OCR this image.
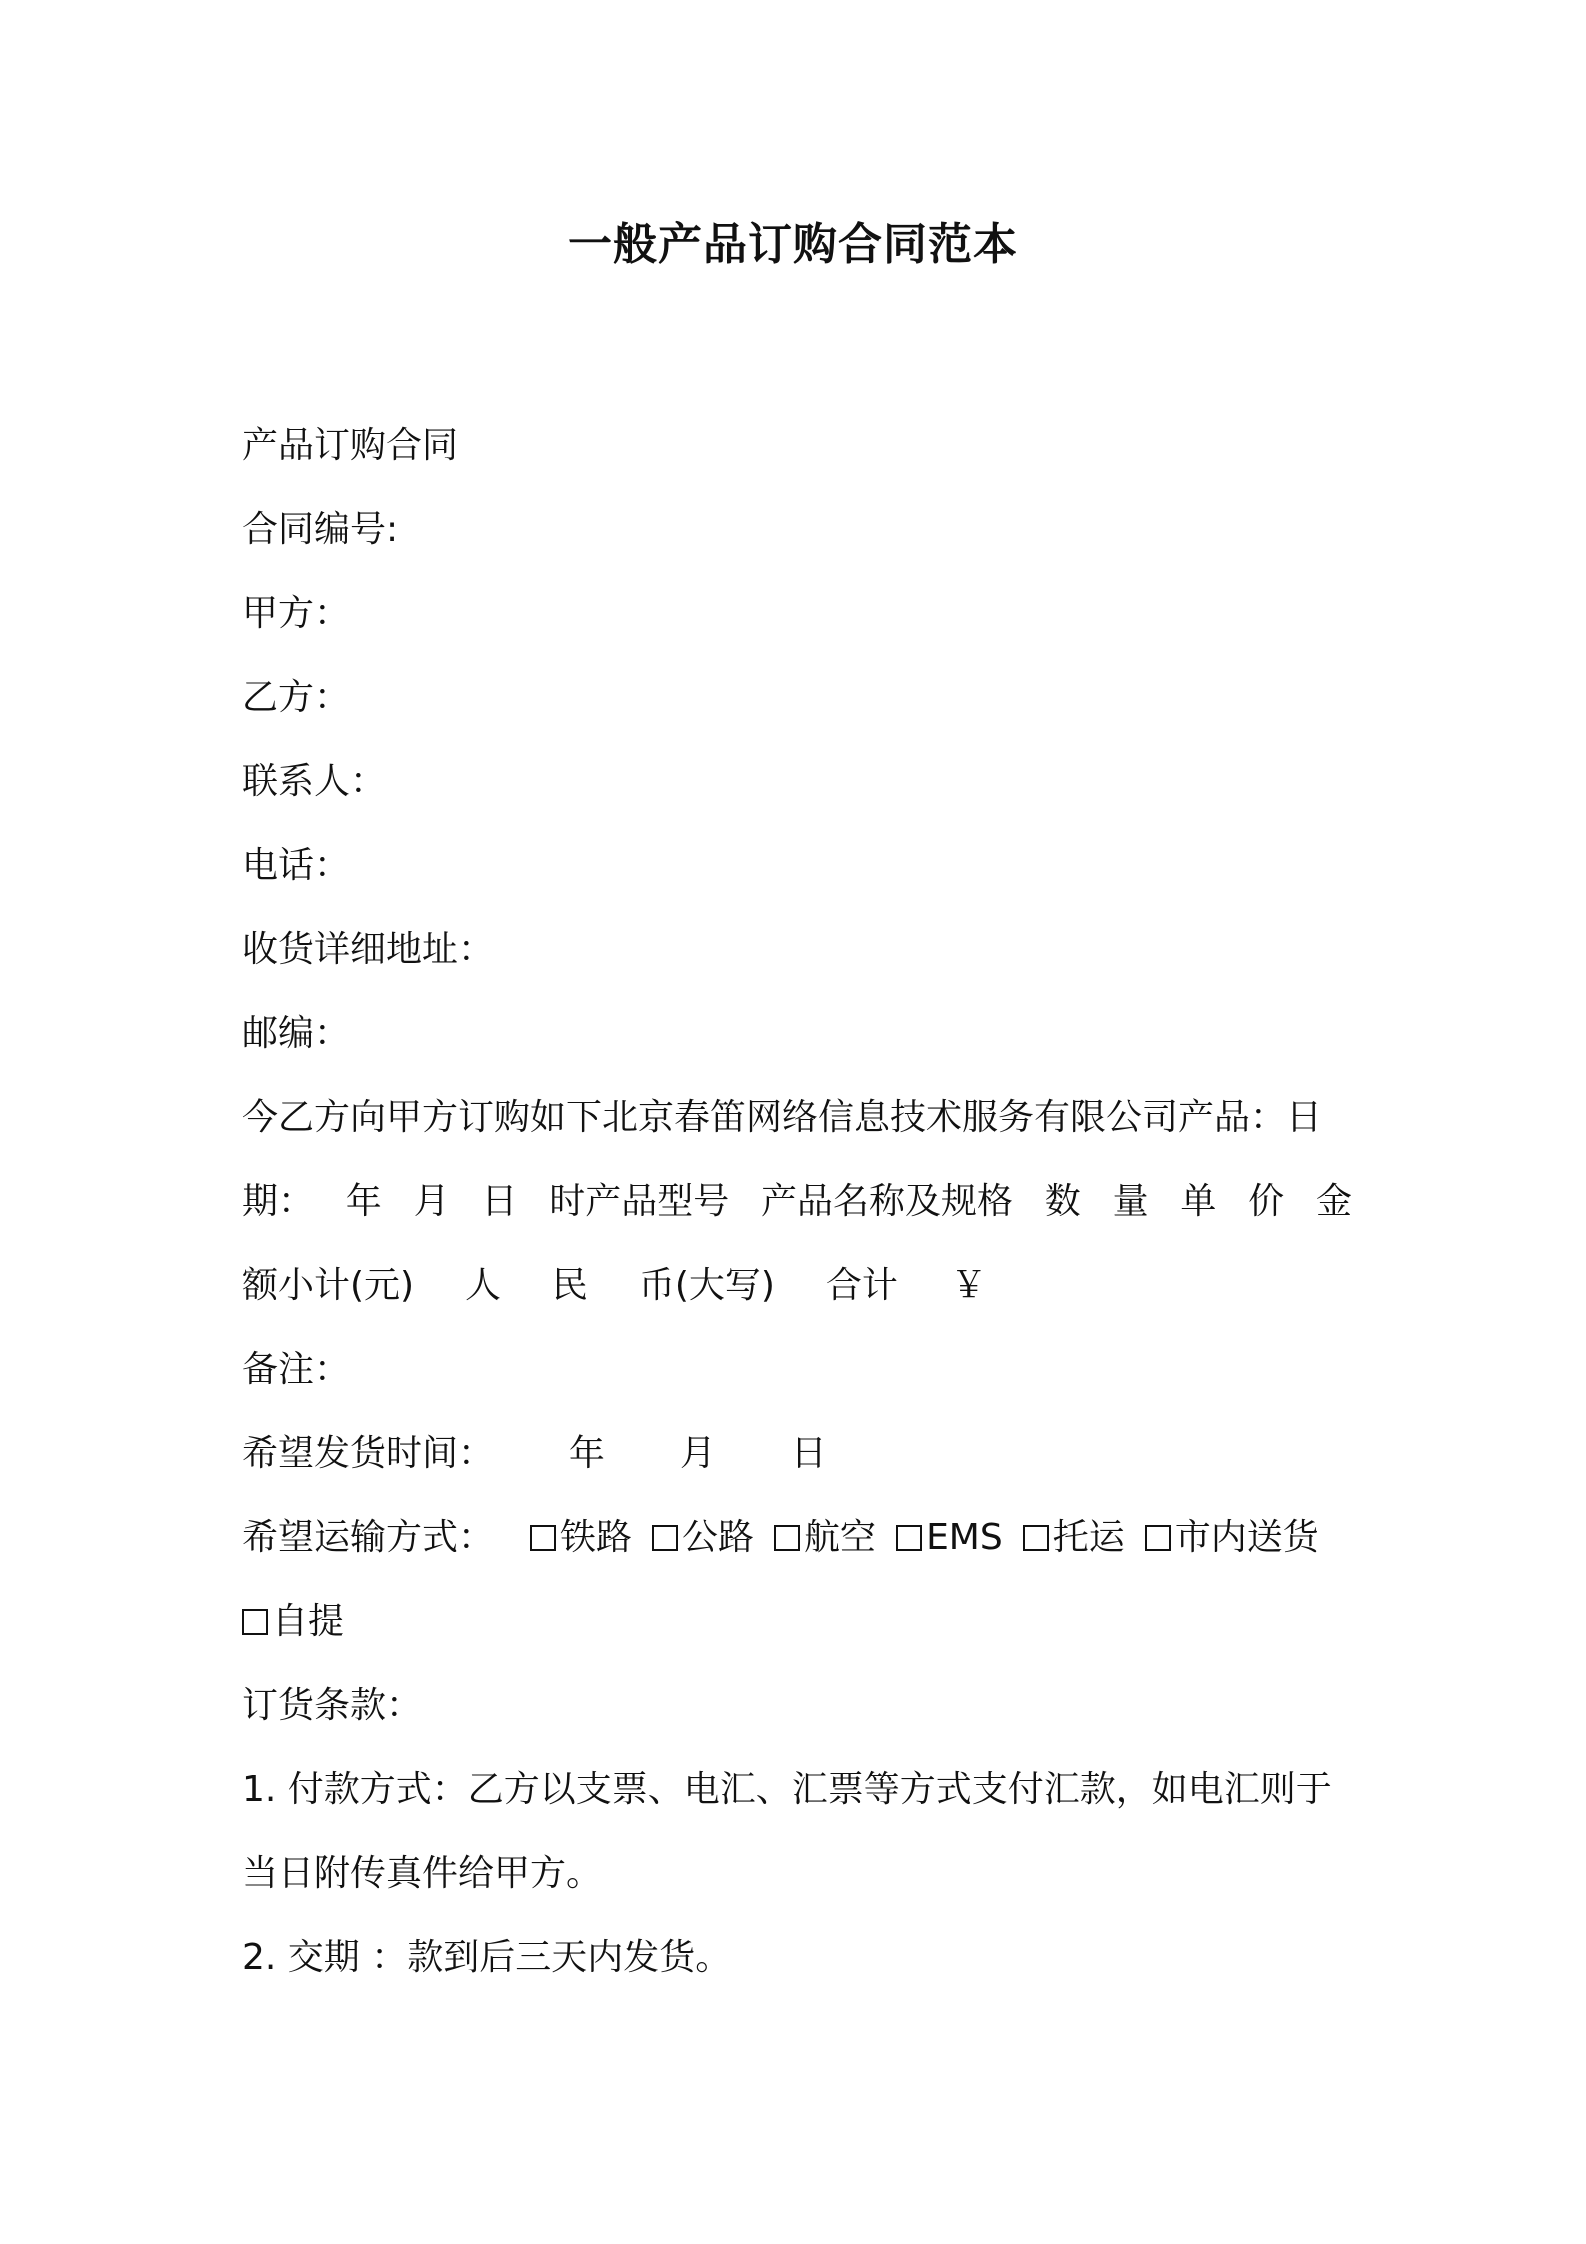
一般产品订购合同范本
产品订购合同
合同编号:
甲方：
乙方：
联系人：
电话：
收货详细地址：
邮编：
今乙方向甲方订购如下北京春笛网络信息技术服务有限公司产品：日
期： 年 月 日 时产品型号 产品名称及规格 数 量 单 价 金
额小计(元) 人 民 币(大写) 合计 ￥
备注：
希望发货时间： 年 月 日
希望运输方式： 铁路 公路 航空 EMS 托运 市内送货
自提
订货条款：
1. 付款方式：乙方以支票、电汇、汇票等方式支付汇款，如电汇则于
当日附传真件给甲方。
2. 交期 ：款到后三天内发货。
